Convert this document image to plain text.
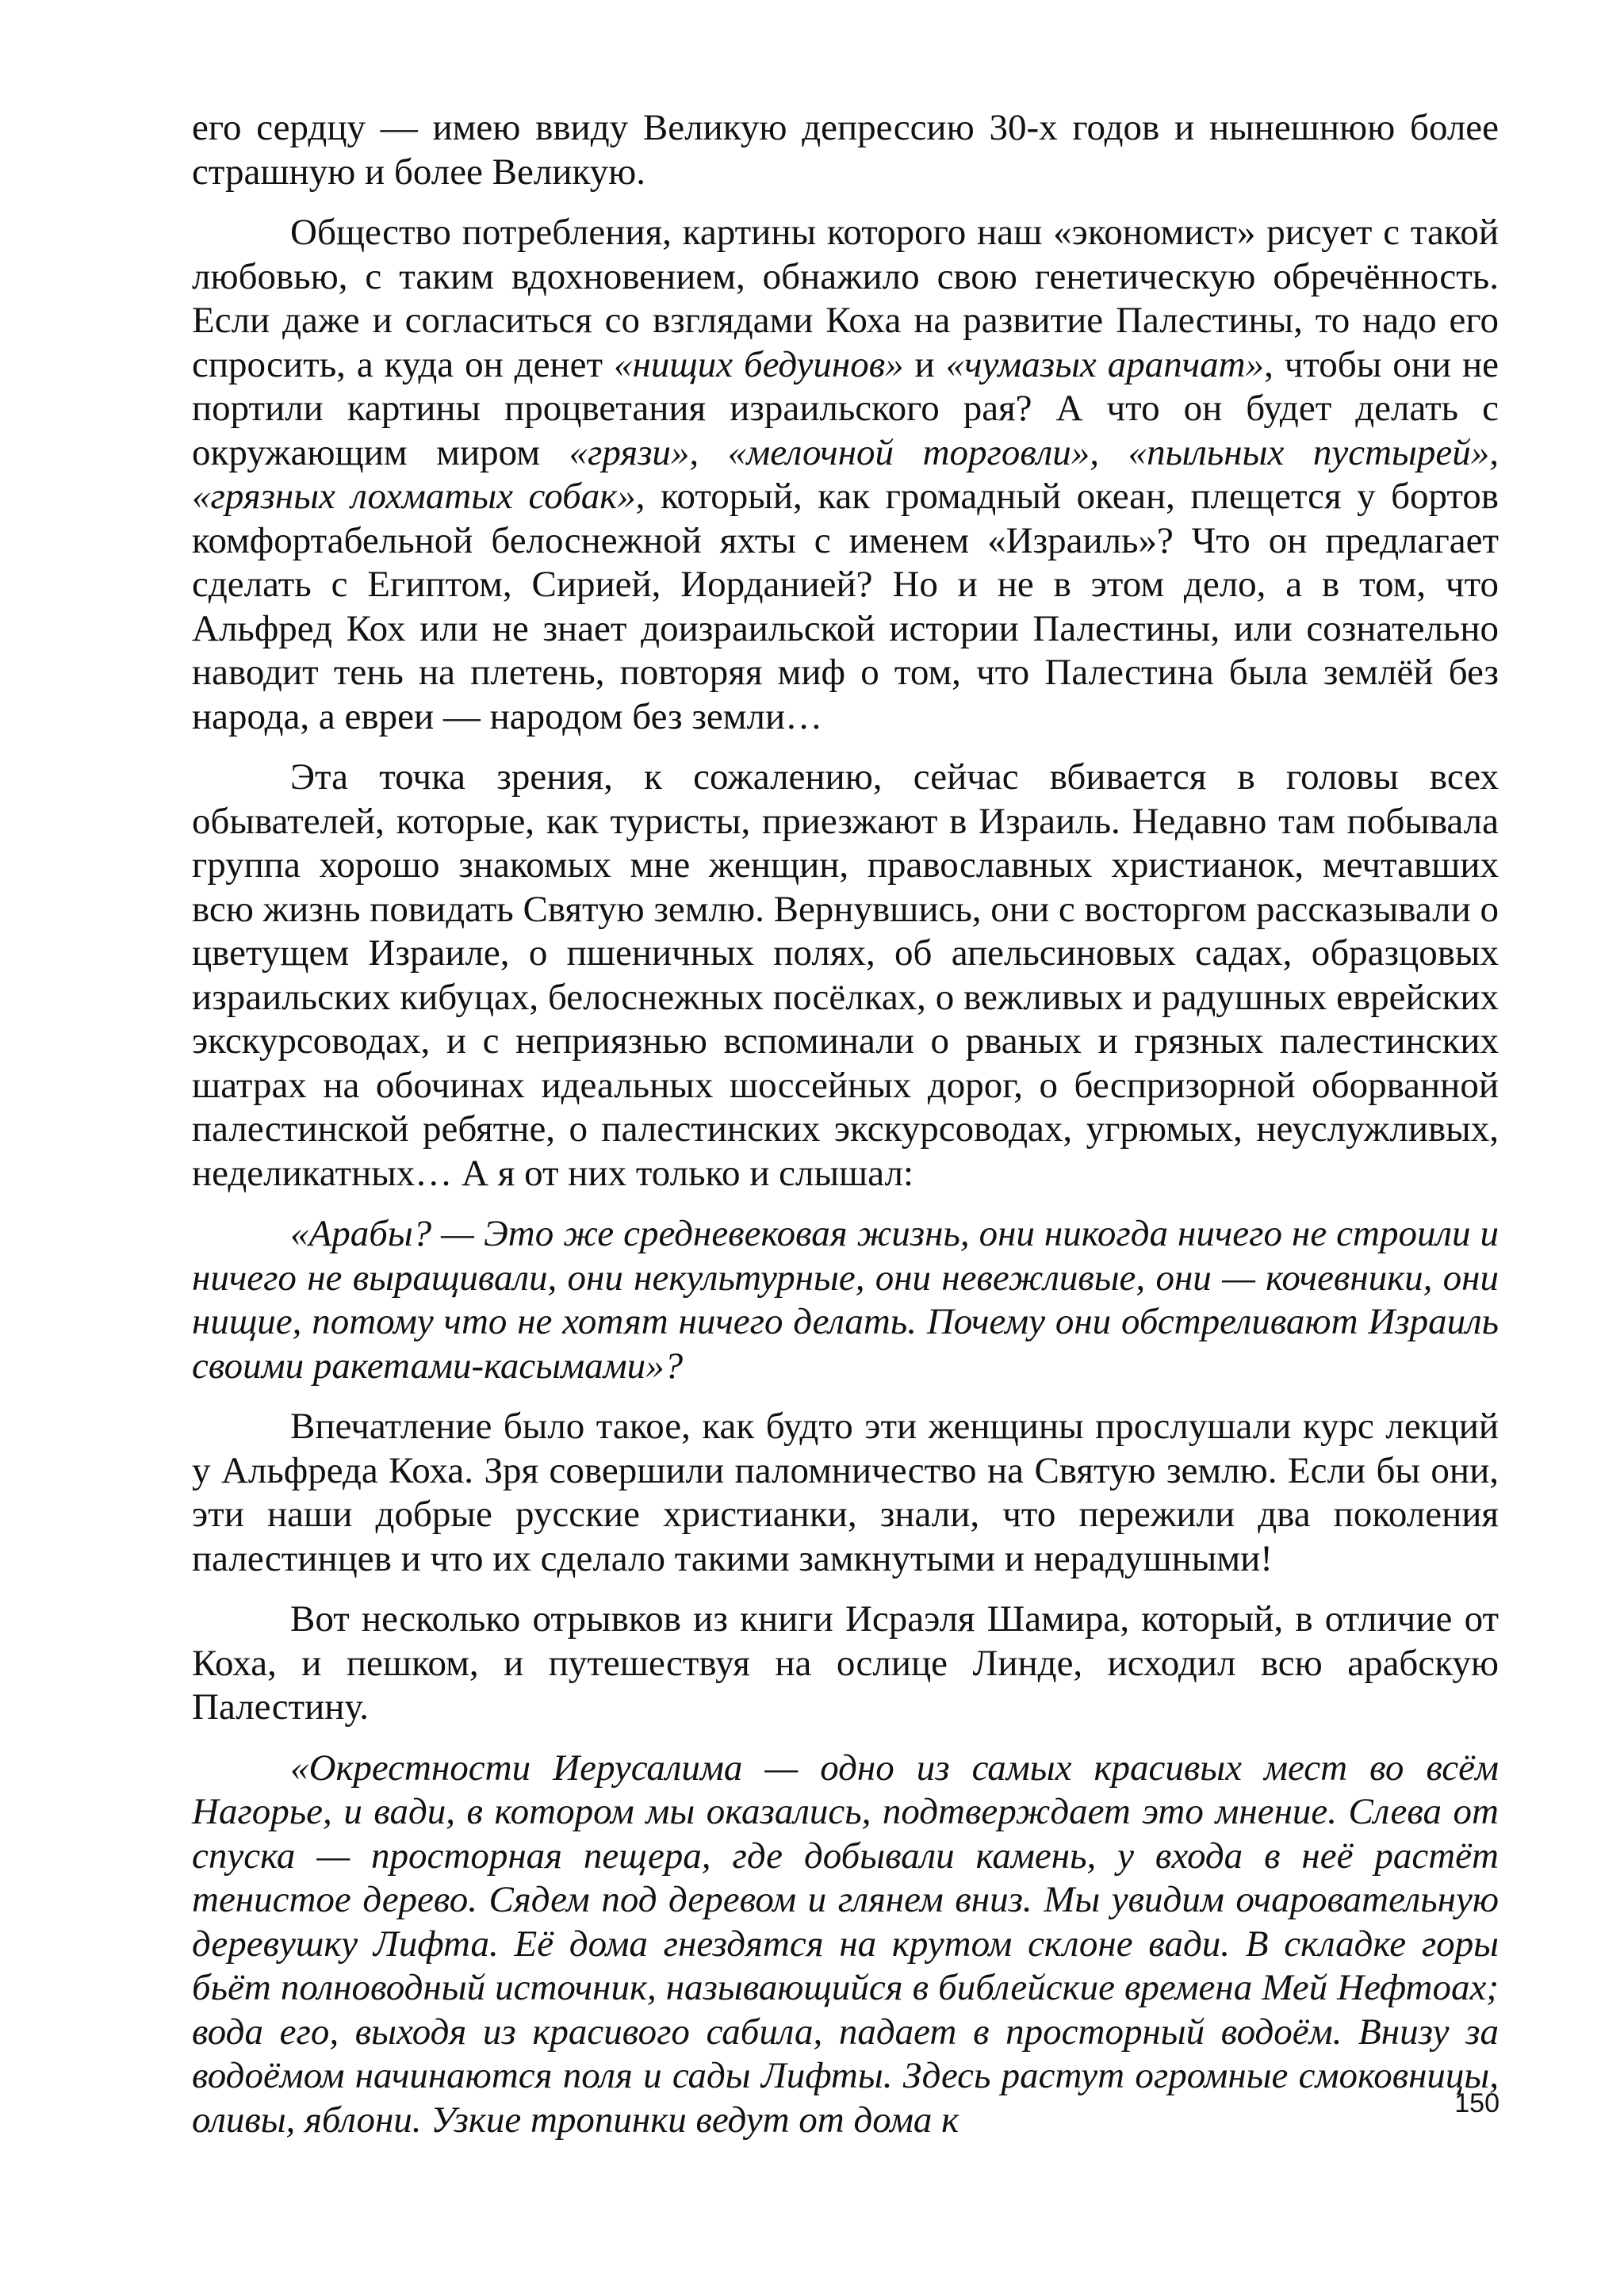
его сердцу — имею ввиду Великую депрессию 30-х годов и нынешнюю более страшную и более Великую.

Общество потребления, картины которого наш «экономист» рисует с такой любовью, с таким вдохновением, обнажило свою генетическую обречённость. Если даже и согласиться со взглядами Коха на развитие Палестины, то надо его спросить, а куда он денет «нищих бедуинов» и «чумазых арапчат», чтобы они не портили картины процветания израильского рая? А что он будет делать с окружающим миром «грязи», «мелочной торговли», «пыльных пустырей», «грязных лохматых собак», который, как громадный океан, плещется у бортов комфортабельной белоснежной яхты с именем «Израиль»? Что он предлагает сделать с Египтом, Сирией, Иорданией? Но и не в этом дело, а в том, что Альфред Кох или не знает доизраильской истории Палестины, или сознательно наводит тень на плетень, повторяя миф о том, что Палестина была землёй без народа, а евреи — народом без земли…

Эта точка зрения, к сожалению, сейчас вбивается в головы всех обывателей, которые, как туристы, приезжают в Израиль. Недавно там побывала группа хорошо знакомых мне женщин, православных христианок, мечтавших всю жизнь повидать Святую землю. Вернувшись, они с восторгом рассказывали о цветущем Израиле, о пшеничных полях, об апельсиновых садах, образцовых израильских кибуцах, белоснежных посёлках, о вежливых и радушных еврейских экскурсоводах, и с неприязнью вспоминали о рваных и грязных палестинских шатрах на обочинах идеальных шоссейных дорог, о беспризорной оборванной палестинской ребятне, о палестинских экскурсоводах, угрюмых, неуслужливых, неделикатных… А я от них только и слышал:

«Арабы? — Это же средневековая жизнь, они никогда ничего не строили и ничего не выращивали, они некультурные, они невежливые, они — кочевники, они нищие, потому что не хотят ничего делать. Почему они обстреливают Израиль своими ракетами-касымами»?

Впечатление было такое, как будто эти женщины прослушали курс лекций у Альфреда Коха. Зря совершили паломничество на Святую землю. Если бы они, эти наши добрые русские христианки, знали, что пережили два поколения палестинцев и что их сделало такими замкнутыми и нерадушными!

Вот несколько отрывков из книги Исраэля Шамира, который, в отличие от Коха, и пешком, и путешествуя на ослице Линде, исходил всю арабскую Палестину.

«Окрестности Иерусалима — одно из самых красивых мест во всём Нагорье, и вади, в котором мы оказались, подтверждает это мнение. Слева от спуска — просторная пещера, где добывали камень, у входа в неё растёт тенистое дерево. Сядем под деревом и глянем вниз. Мы увидим очаровательную деревушку Лифта. Её дома гнездятся на крутом склоне вади. В складке горы бьёт полноводный источник, называющийся в библейские времена Мей Нефтоах; вода его, выходя из красивого сабила, падает в просторный водоём. Внизу за водоёмом начинаются поля и сады Лифты. Здесь растут огромные смоковницы, оливы, яблони. Узкие тропинки ведут от дома к	150
